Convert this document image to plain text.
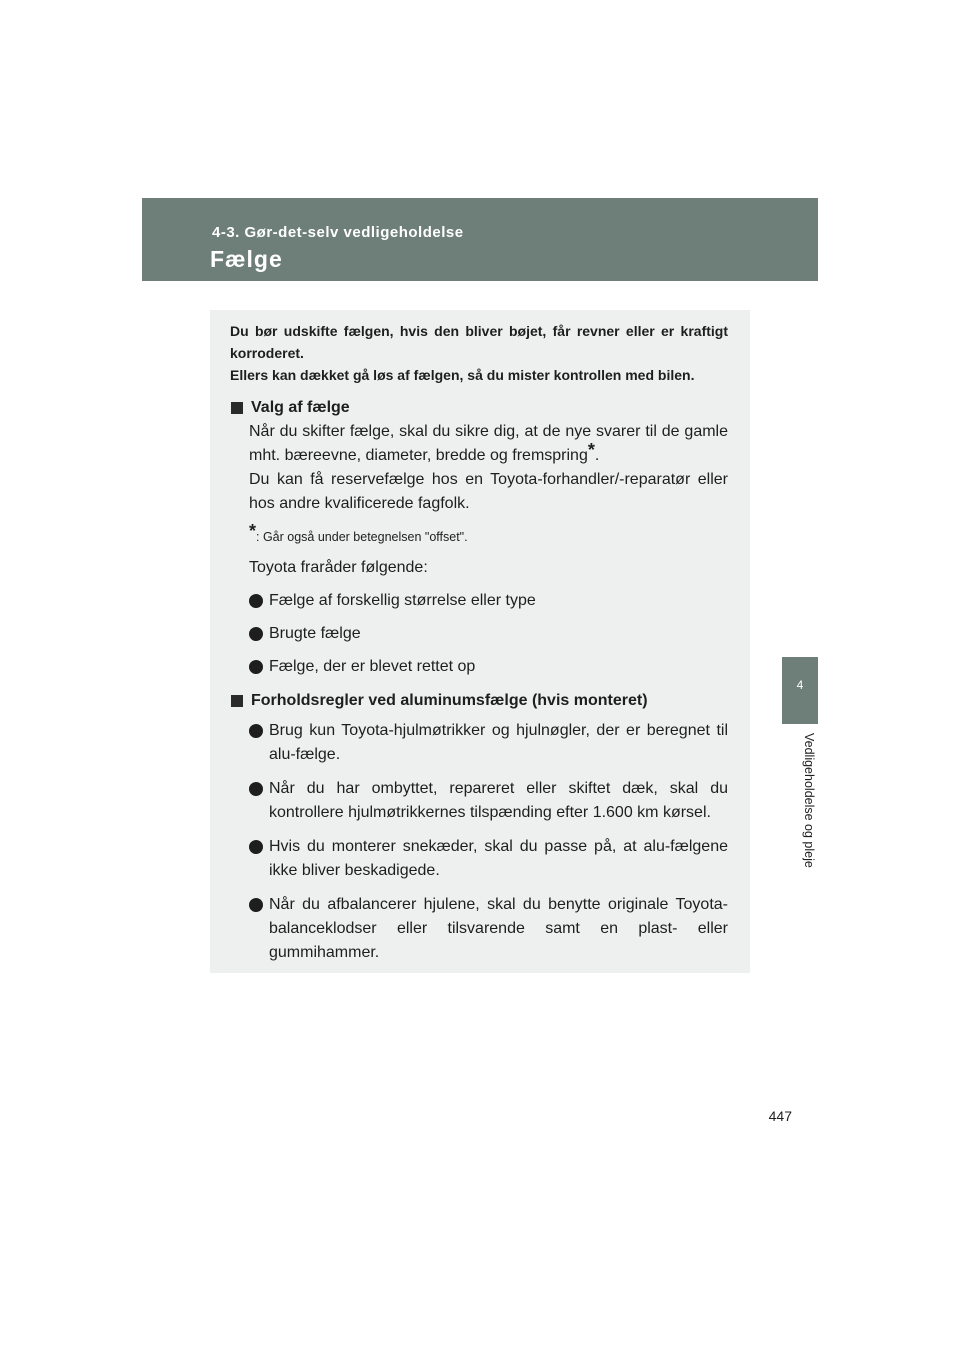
4-3. Gør-det-selv vedligeholdelse
Fælge
4
Vedligeholdelse og pleje

Du bør udskifte fælgen, hvis den bliver bøjet, får revner eller er kraftigt korroderet.

Ellers kan dækket gå løs af fælgen, så du mister kontrollen med bilen.

Valg af fælge

Når du skifter fælge, skal du sikre dig, at de nye svarer til de gamle mht. bæreevne, diameter, bredde og fremspring*.

Du kan få reservefælge hos en Toyota-forhandler/-reparatør eller hos andre kvalificerede fagfolk.

*: Går også under betegnelsen "offset".
Toyota fraråder følgende:
Fælge af forskellig størrelse eller type
Brugte fælge
Fælge, der er blevet rettet op
Forholdsregler ved aluminumsfælge (hvis monteret)
Brug kun Toyota-hjulmøtrikker og hjulnøgler, der er beregnet til alu-fælge.
Når du har ombyttet, repareret eller skiftet dæk, skal du kontrollere hjulmøtrikkernes tilspænding efter 1.600 km kørsel.
Hvis du monterer snekæder, skal du passe på, at alu-fælgene ikke bliver beskadigede.
Når du afbalancerer hjulene, skal du benytte originale Toyota-balanceklodser eller tilsvarende samt en plast- eller gummihammer.
447
